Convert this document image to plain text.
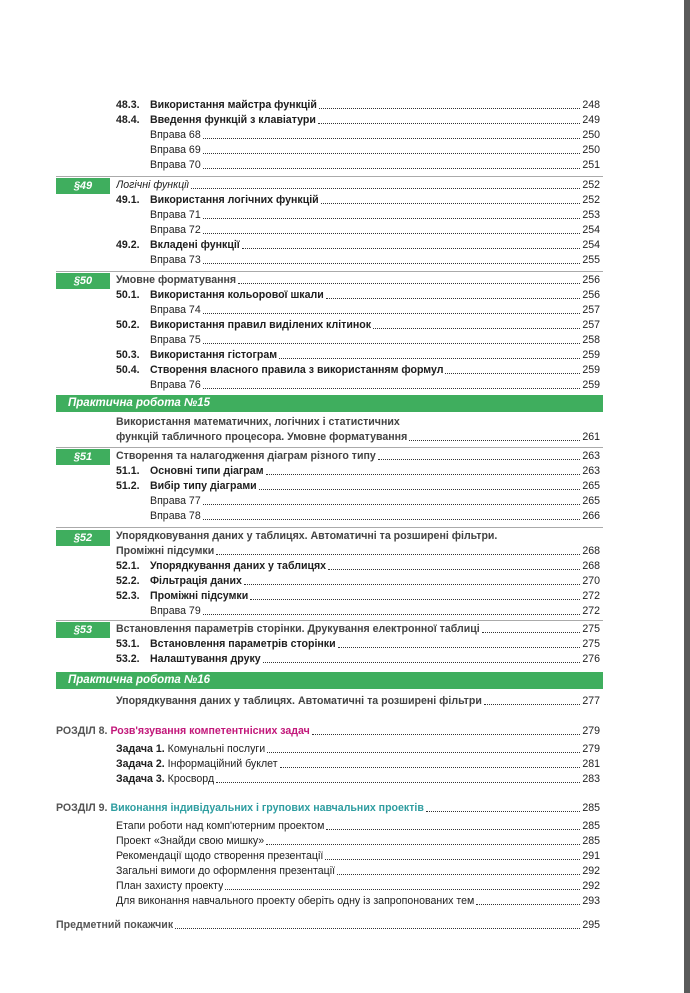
48.3. Використання майстра функцій	248
48.4. Введення функцій з клавіатури	249
Вправа 68	250
Вправа 69	250
Вправа 70	251
§49	Логічні функції	252
49.1. Використання логічних функцій	252
Вправа 71	253
Вправа 72	254
49.2. Вкладені функції	254
Вправа 73	255
§50	Умовне форматування	256
50.1. Використання кольорової шкали	256
Вправа 74	257
50.2. Використання правил виділених клітинок	257
Вправа 75	258
50.3. Використання гістограм	259
50.4. Створення власного правила з використанням формул	259
Вправа 76	259
Практична робота №15
Використання математичних, логічних і статистичних
функцій табличного процесора. Умовне форматування	261
§51	Створення та налагодження діаграм різного типу	263
51.1. Основні типи діаграм	263
51.2. Вибір типу діаграми	265
Вправа 77	265
Вправа 78	266
§52	Упорядковування даних у таблицях. Автоматичні та розширені фільтри.
Проміжні підсумки	268
52.1. Упорядкування даних у таблицях	268
52.2. Фільтрація даних	270
52.3. Проміжні підсумки	272
Вправа 79	272
§53	Встановлення параметрів сторінки. Друкування електронної таблиці	275
53.1. Встановлення параметрів сторінки	275
53.2. Налаштування друку	276
Практична робота №16
Упорядкування даних у таблицях. Автоматичні та розширені фільтри	277
РОЗДІЛ 8. Розв'язування компетентнісних задач	279
Задача 1. Комунальні послуги	279
Задача 2. Інформаційний буклет	281
Задача 3. Кросворд	283
РОЗДІЛ 9. Виконання індивідуальних і групових навчальних проектів	285
Етапи роботи над комп'ютерним проектом	285
Проект «Знайди свою мишку»	285
Рекомендації щодо створення презентації	291
Загальні вимоги до оформлення презентації	292
План захисту проекту	292
Для виконання навчального проекту оберіть одну із запропонованих тем	293
Предметний покажчик	295
